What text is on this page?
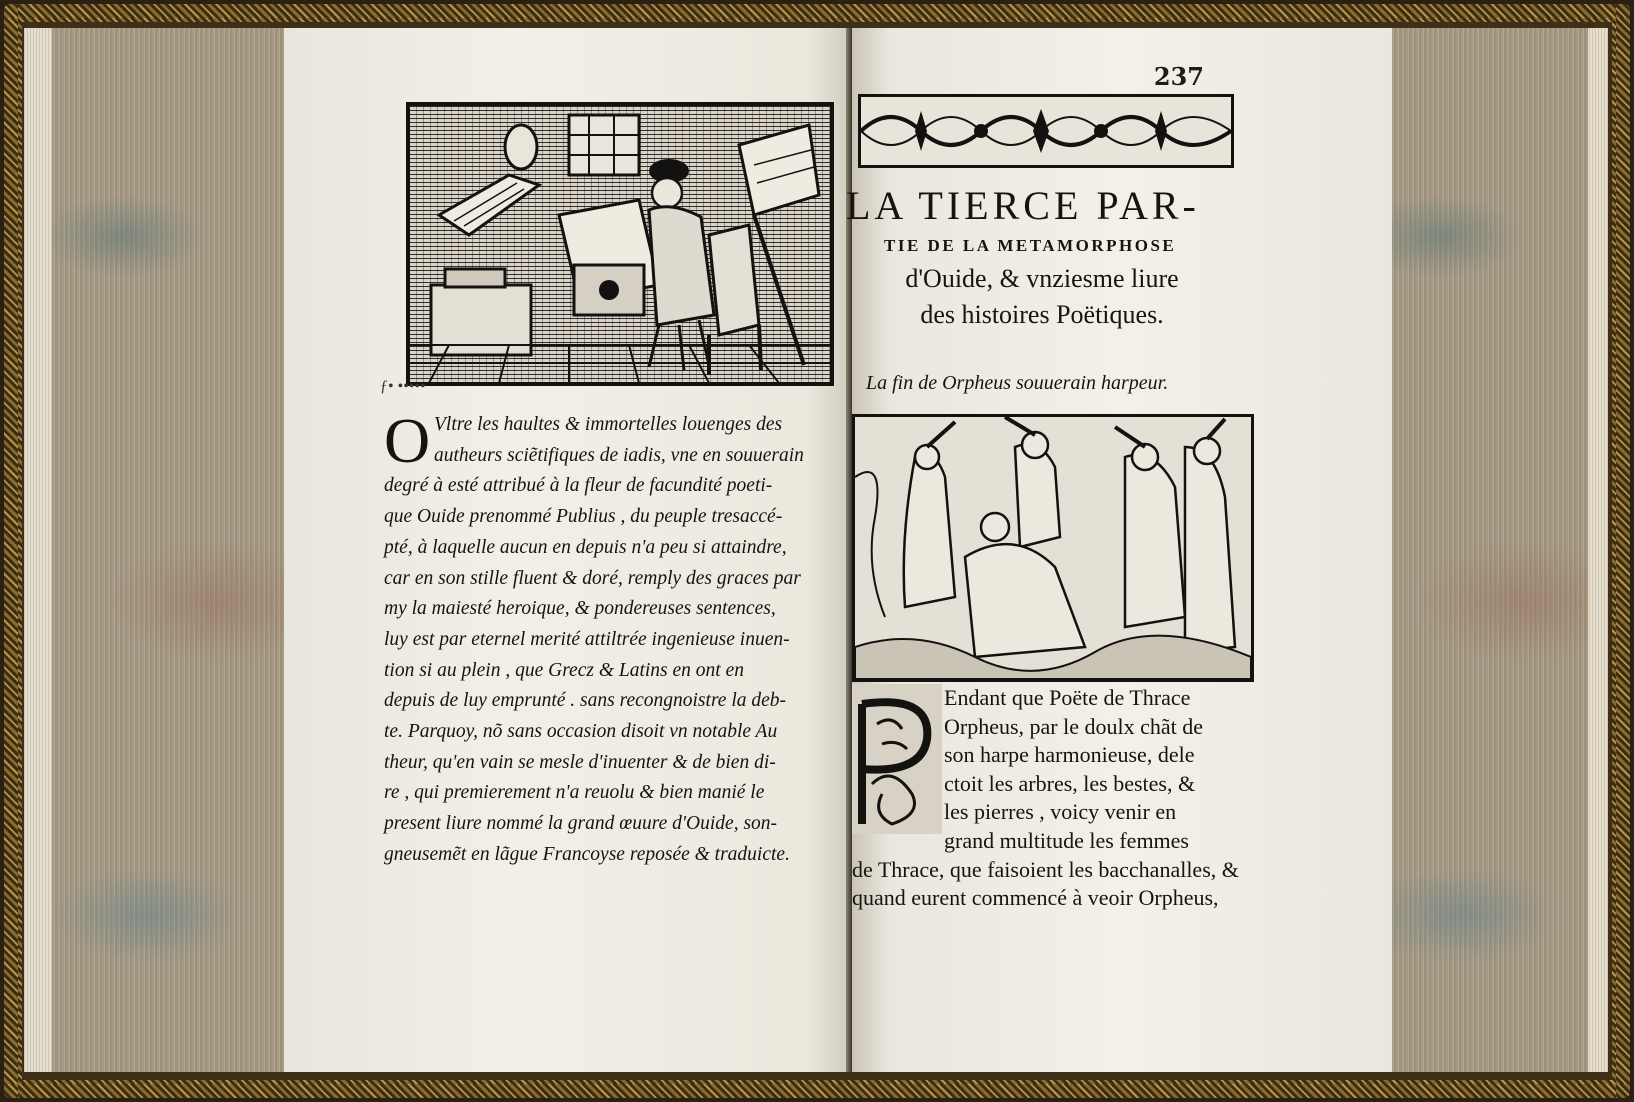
ƒ• •••••
O Vltre les haultes & immortelles louenges des
autheurs sciẽtifiques de iadis, vne en souuerain
degré à esté attribué à la fleur de facundité poeti-
que Ouide prenommé Publius , du peuple tresaccé-
pté, à laquelle aucun en depuis n'a peu si attaindre,
car en son stille fluent & doré, remply des graces par
my la maiesté heroique, & pondereuses sentences,
luy est par eternel merité attiltrée ingenieuse inuen-
tion si au plein , que Grecz & Latins en ont en
depuis de luy emprunté . sans recongnoistre la deb-
te. Parquoy, nõ sans occasion disoit vn notable Au
theur, qu'en vain se mesle d'inuenter & de bien di-
re , qui premierement n'a reuolu & bien manié le
present liure nommé la grand œuure d'Ouide, son-
gneusemẽt en lãgue Francoyse reposée & traduicte.
237
LA TIERCE PAR-
TIE DE LA METAMORPHOSE
d'Ouide, & vnziesme liure
des histoires Poëtiques.
La fin de Orpheus souuerain harpeur.
Endant que Poëte de Thrace
Orpheus, par le doulx chãt de
son harpe harmonieuse, dele
ctoit les arbres, les bestes, &
les pierres , voicy venir en
grand multitude les femmes
de Thrace, que faisoient les bacchanalles, &
quand eurent commencé à veoir Orpheus,
